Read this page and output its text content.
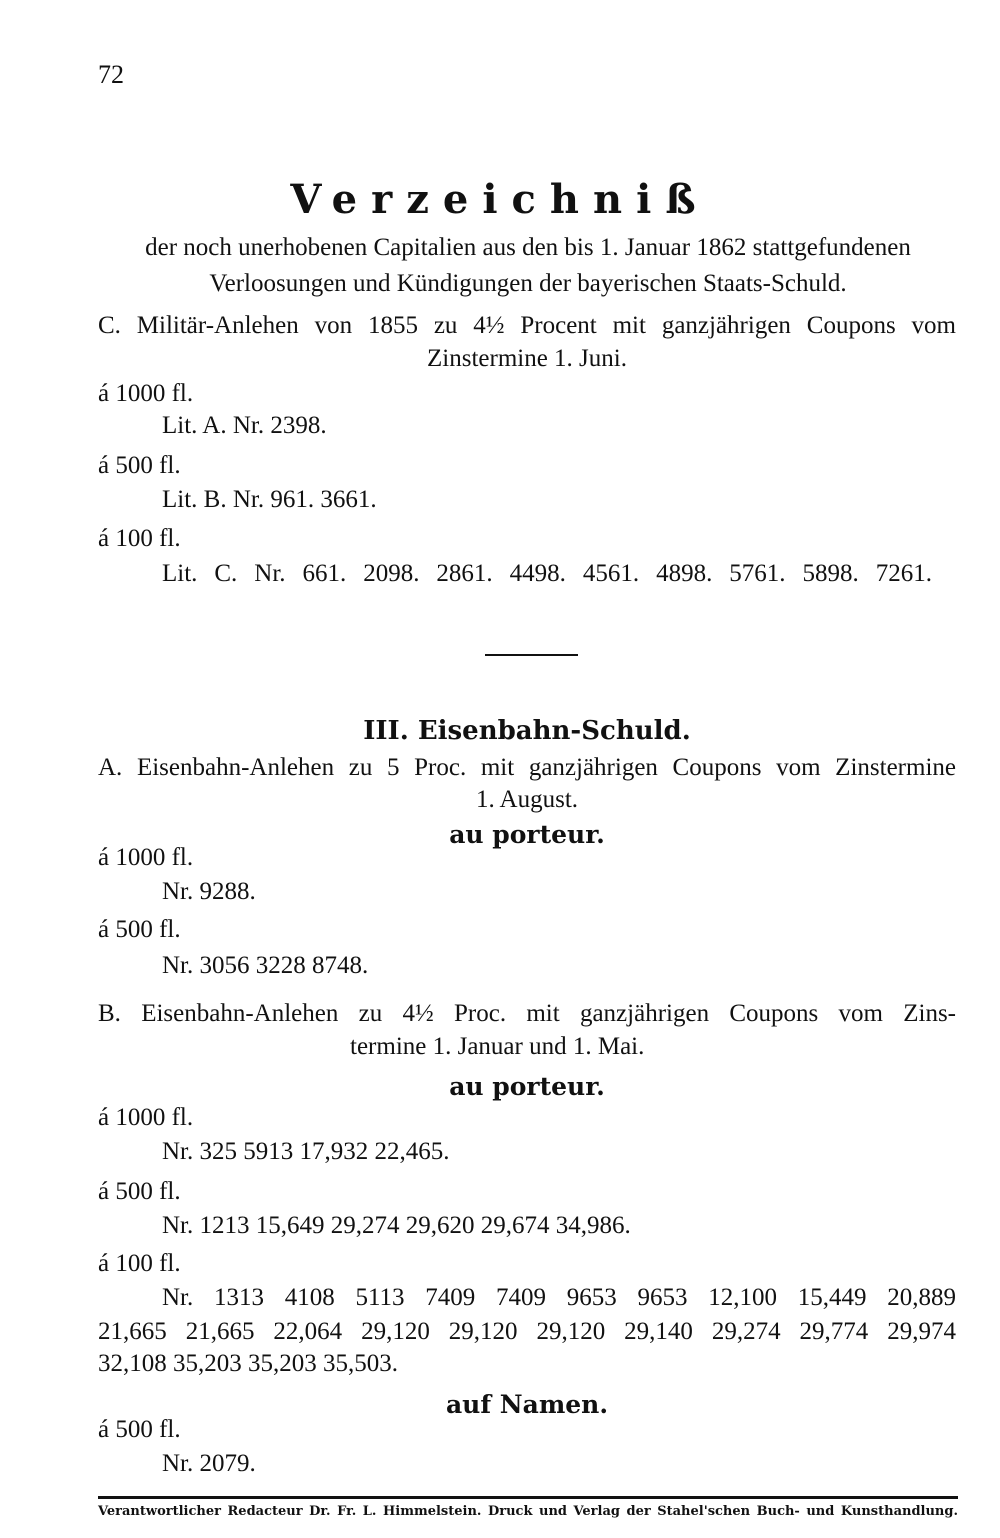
72
Verzeichniß
der noch unerhobenen Capitalien aus den bis 1. Januar 1862 stattgefundenen Verloosungen und Kündigungen der bayerischen Staats-Schuld.
C. Militär-Anlehen von 1855 zu 4½ Procent mit ganzjährigen Coupons vom
Zinstermine 1. Juni.
á 1000 fl.
Lit. A. Nr. 2398.
á 500 fl.
Lit. B. Nr. 961. 3661.
á 100 fl.
Lit. C. Nr. 661. 2098. 2861. 4498. 4561. 4898. 5761. 5898. 7261.
III. Eisenbahn-Schuld.
A. Eisenbahn-Anlehen zu 5 Proc. mit ganzjährigen Coupons vom Zinstermine
1. August.
au porteur.
á 1000 fl.
Nr. 9288.
á 500 fl.
Nr. 3056 3228 8748.
B. Eisenbahn-Anlehen zu 4½ Proc. mit ganzjährigen Coupons vom Zins-
termine 1. Januar und 1. Mai.
au porteur.
á 1000 fl.
Nr. 325 5913 17,932 22,465.
á 500 fl.
Nr. 1213 15,649 29,274 29,620 29,674 34,986.
á 100 fl.
Nr. 1313 4108 5113 7409 7409 9653 9653 12,100 15,449 20,889
21,665 21,665 22,064 29,120 29,120 29,120 29,140 29,274 29,774 29,974
32,108 35,203 35,203 35,503.
auf Namen.
á 500 fl.
Nr. 2079.
Verantwortlicher Redacteur Dr. Fr. L. Himmelstein. Druck und Verlag der Stahel'schen Buch- und Kunsthandlung.
